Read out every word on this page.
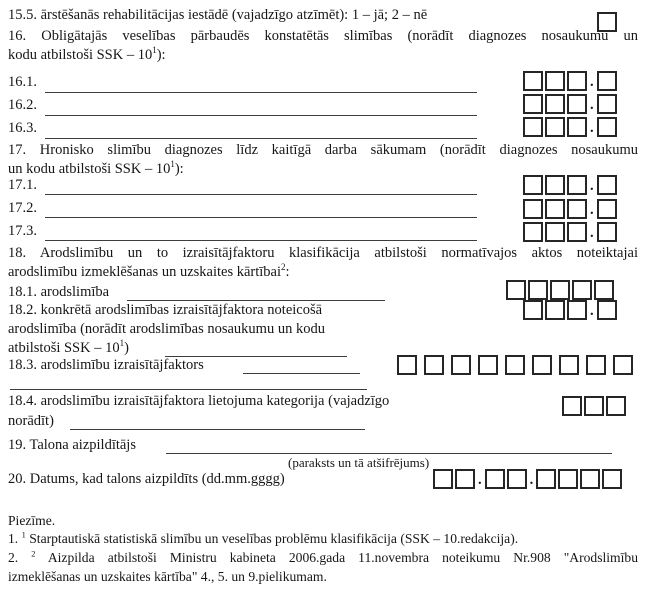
15.5. ārstēšanās rehabilitācijas iestādē (vajadzīgo atzīmēt): 1 – jā; 2 – nē
16. Obligātajās veselības pārbaudēs konstatētās slimības (norādīt diagnozes nosaukumu un
kodu atbilstoši SSK – $10^1$):
16.1.	.
16.2.	.
16.3.	.
17. Hronisko slimību diagnozes līdz kaitīgā darba sākumam (norādīt diagnozes nosaukumu
un kodu atbilstoši SSK – $10^1$):
17.1.	.
17.2.	.
17.3.	.
18. Arodslimību un to izraisītājfaktoru klasifikācija atbilstoši normatīvajos aktos noteiktajai
arodslimību izmeklēšanas un uzskaites kārtībai$^2$:
18.1. arodslimība
18.2. konkrētā arodslimības izraisītājfaktora noteicošā
arodslimība (norādīt arodslimības nosaukumu un kodu
atbilstoši SSK – $10^1$)
.
18.3. arodslimību izraisītājfaktors
18.4. arodslimību izraisītājfaktora lietojuma kategorija (vajadzīgo
norādīt)
19. Talona aizpildītājs
(paraksts un tā atšifrējums)
20. Datums, kad talons aizpildīts (dd.mm.gggg)	.	.
Piezīme.
1. $^1$ Starptautiskā statistiskā slimību un veselības problēmu klasifikācija (SSK – 10.redakcija).
2. $^2$ Aizpilda atbilstoši Ministru kabineta 2006.gada 11.novembra noteikumu Nr.908 "Arodslimību
izmeklēšanas un uzskaites kārtība" 4., 5. un 9.pielikumam.
